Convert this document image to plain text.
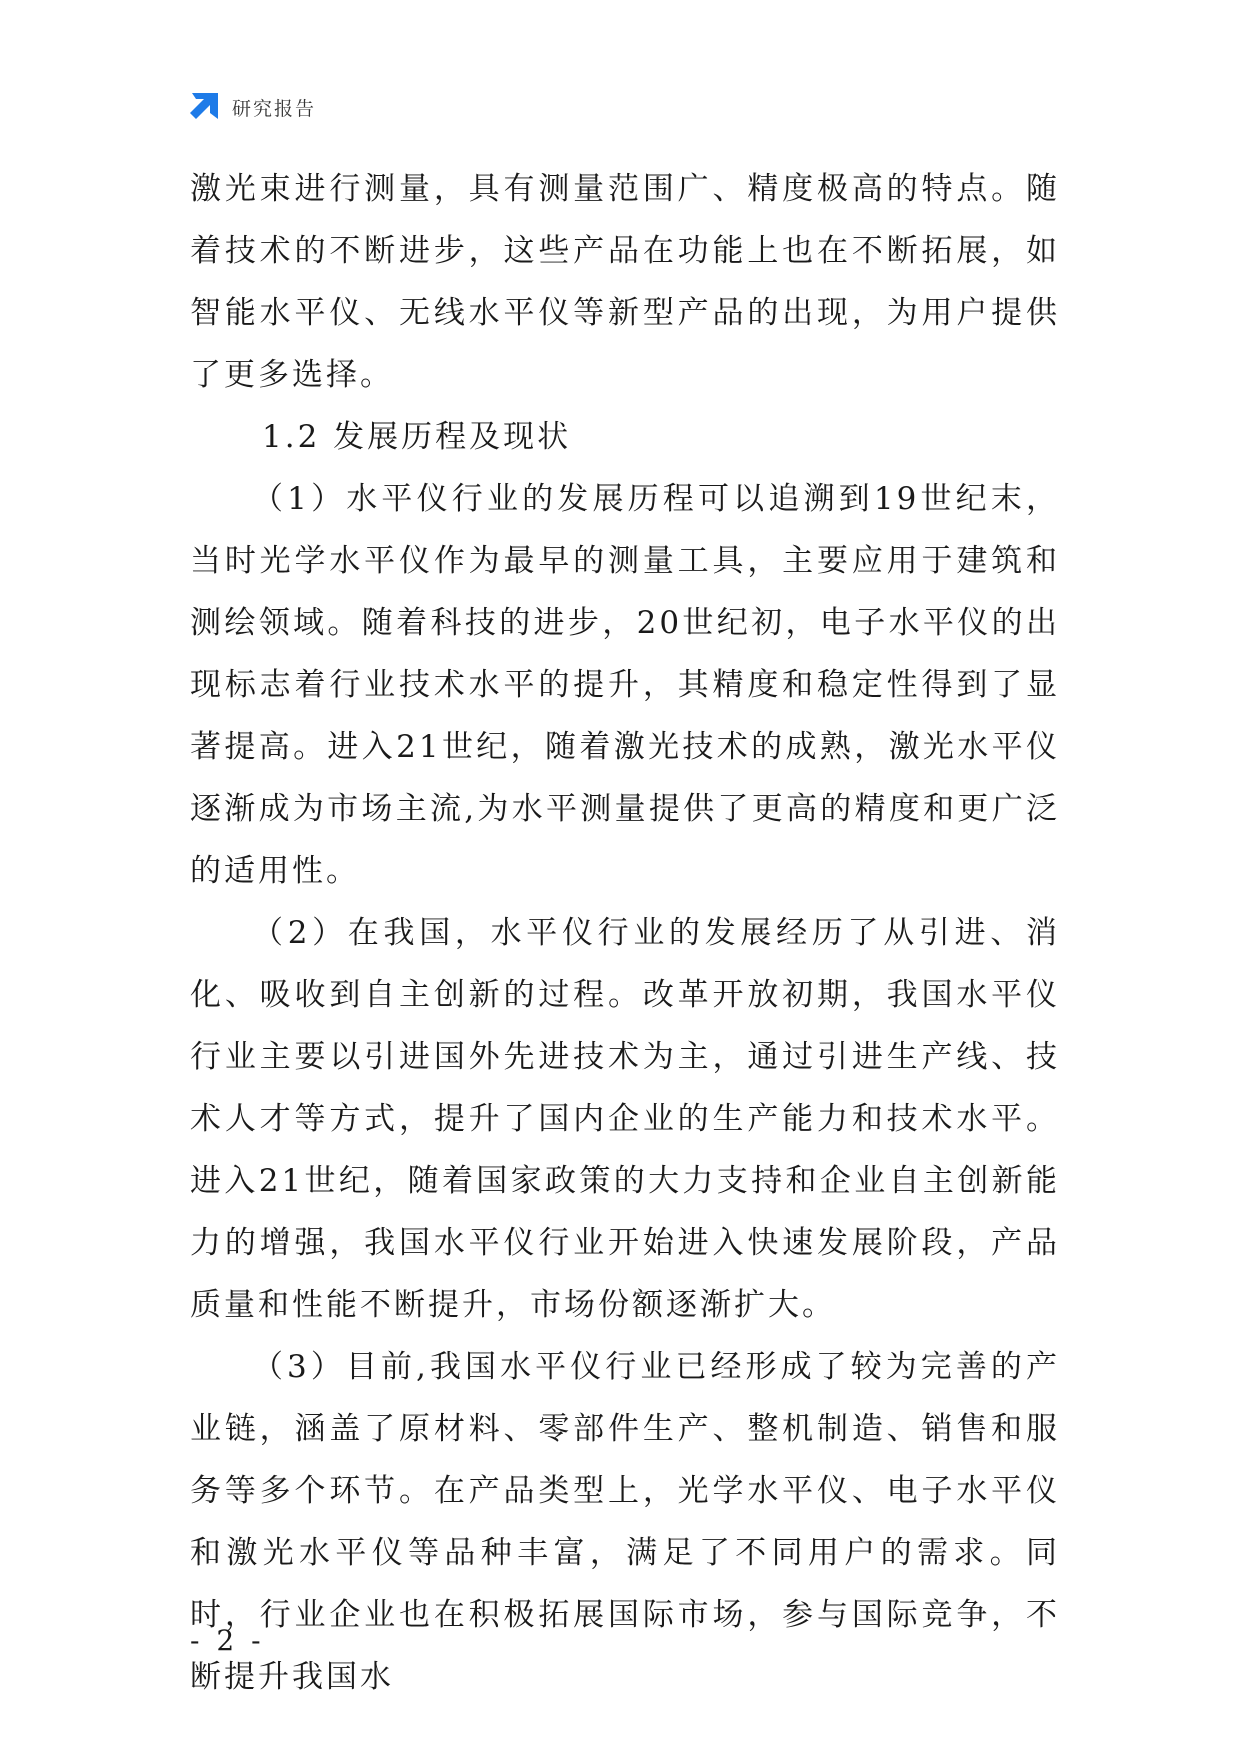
研究报告

激光束进行测量，具有测量范围广、精度极高的特点。随着技术的不断进步，这些产品在功能上也在不断拓展，如智能水平仪、无线水平仪等新型产品的出现，为用户提供了更多选择。

1.2 发展历程及现状

（1）水平仪行业的发展历程可以追溯到19世纪末，当时光学水平仪作为最早的测量工具，主要应用于建筑和测绘领域。随着科技的进步，20世纪初，电子水平仪的出现标志着行业技术水平的提升，其精度和稳定性得到了显著提高。进入21世纪，随着激光技术的成熟，激光水平仪逐渐成为市场主流,为水平测量提供了更高的精度和更广泛的适用性。

（2）在我国，水平仪行业的发展经历了从引进、消化、吸收到自主创新的过程。改革开放初期，我国水平仪行业主要以引进国外先进技术为主，通过引进生产线、技术人才等方式，提升了国内企业的生产能力和技术水平。进入21世纪，随着国家政策的大力支持和企业自主创新能力的增强，我国水平仪行业开始进入快速发展阶段，产品质量和性能不断提升，市场份额逐渐扩大。

（3）目前,我国水平仪行业已经形成了较为完善的产业链，涵盖了原材料、零部件生产、整机制造、销售和服务等多个环节。在产品类型上，光学水平仪、电子水平仪和激光水平仪等品种丰富，满足了不同用户的需求。同时，行业企业也在积极拓展国际市场，参与国际竞争，不断提升我国水

- 2 -
